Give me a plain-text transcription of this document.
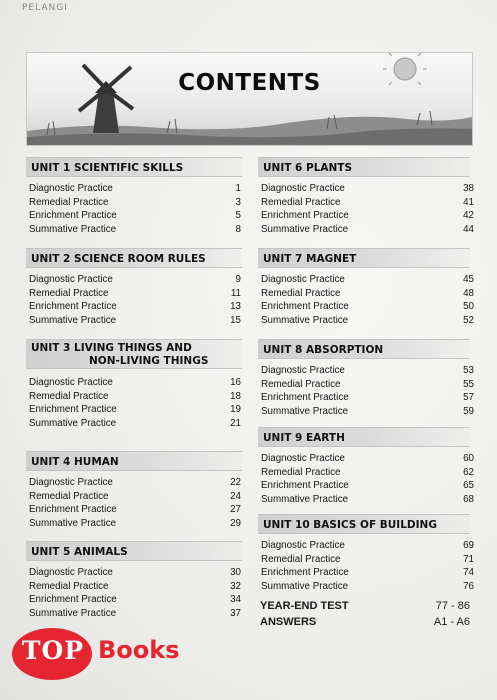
PELANGI
CONTENTS
UNIT 1 SCIENTIFIC SKILLS
Diagnostic Practice	1
Remedial Practice	3
Enrichment Practice	5
Summative Practice	8
UNIT 2 SCIENCE ROOM RULES
Diagnostic Practice	9
Remedial Practice	11
Enrichment Practice	13
Summative Practice	15
UNIT 3 LIVING THINGS AND
NON-LIVING THINGS
Diagnostic Practice	16
Remedial Practice	18
Enrichment Practice	19
Summative Practice	21
UNIT 4 HUMAN
Diagnostic Practice	22
Remedial Practice	24
Enrichment Practice	27
Summative Practice	29
UNIT 5 ANIMALS
Diagnostic Practice	30
Remedial Practice	32
Enrichment Practice	34
Summative Practice	37
UNIT 6 PLANTS
Diagnostic Practice	38
Remedial Practice	41
Enrichment Practice	42
Summative Practice	44
UNIT 7 MAGNET
Diagnostic Practice	45
Remedial Practice	48
Enrichment Practice	50
Summative Practice	52
UNIT 8 ABSORPTION
Diagnostic Practice	53
Remedial Practice	55
Enrichment Practice	57
Summative Practice	59
UNIT 9 EARTH
Diagnostic Practice	60
Remedial Practice	62
Enrichment Practice	65
Summative Practice	68
UNIT 10 BASICS OF BUILDING
Diagnostic Practice	69
Remedial Practice	71
Enrichment Practice	74
Summative Practice	76
YEAR-END TEST	77 - 86
ANSWERS	A1 - A6
TOP Books
